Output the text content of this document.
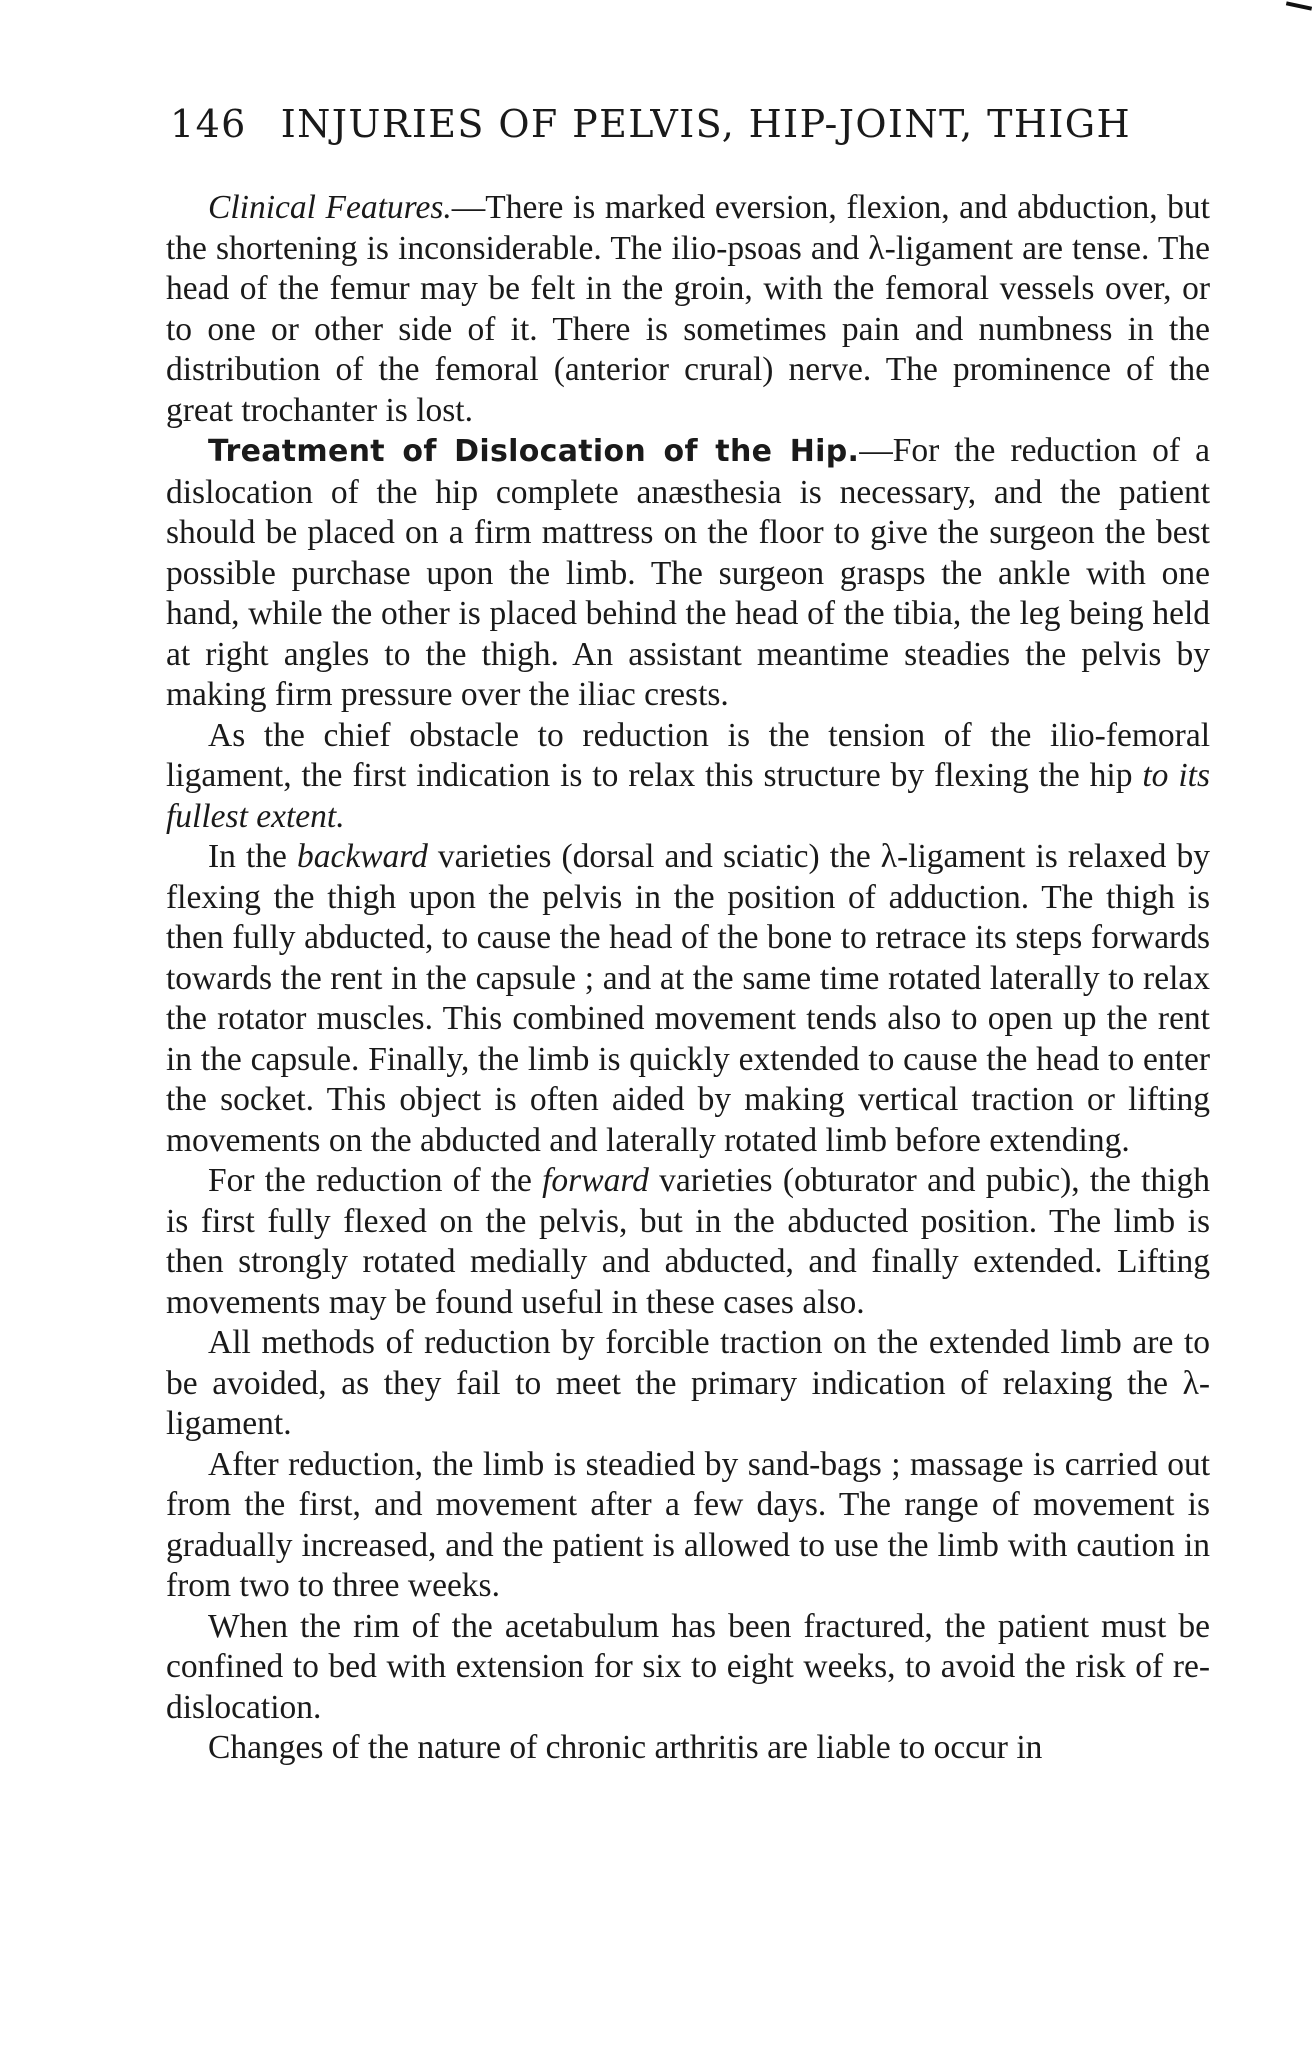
146 INJURIES OF PELVIS, HIP-JOINT, THIGH

Clinical Features.—There is marked eversion, flexion, and abduction, but the shortening is inconsiderable. The ilio-psoas and λ-ligament are tense. The head of the femur may be felt in the groin, with the femoral vessels over, or to one or other side of it. There is sometimes pain and numbness in the distribution of the femoral (anterior crural) nerve. The prominence of the great trochanter is lost.

Treatment of Dislocation of the Hip.—For the reduction of a dislocation of the hip complete anæsthesia is necessary, and the patient should be placed on a firm mattress on the floor to give the surgeon the best possible purchase upon the limb. The surgeon grasps the ankle with one hand, while the other is placed behind the head of the tibia, the leg being held at right angles to the thigh. An assistant meantime steadies the pelvis by making firm pressure over the iliac crests.

As the chief obstacle to reduction is the tension of the ilio-femoral ligament, the first indication is to relax this structure by flexing the hip to its fullest extent.

In the backward varieties (dorsal and sciatic) the λ-ligament is relaxed by flexing the thigh upon the pelvis in the position of adduction. The thigh is then fully abducted, to cause the head of the bone to retrace its steps forwards towards the rent in the capsule ; and at the same time rotated laterally to relax the rotator muscles. This combined movement tends also to open up the rent in the capsule. Finally, the limb is quickly extended to cause the head to enter the socket. This object is often aided by making vertical traction or lifting movements on the abducted and laterally rotated limb before extending.

For the reduction of the forward varieties (obturator and pubic), the thigh is first fully flexed on the pelvis, but in the abducted position. The limb is then strongly rotated medially and abducted, and finally extended. Lifting movements may be found useful in these cases also.

All methods of reduction by forcible traction on the extended limb are to be avoided, as they fail to meet the primary indication of relaxing the λ-ligament.

After reduction, the limb is steadied by sand-bags ; massage is carried out from the first, and movement after a few days. The range of movement is gradually increased, and the patient is allowed to use the limb with caution in from two to three weeks.

When the rim of the acetabulum has been fractured, the patient must be confined to bed with extension for six to eight weeks, to avoid the risk of re-dislocation.

Changes of the nature of chronic arthritis are liable to occur in
